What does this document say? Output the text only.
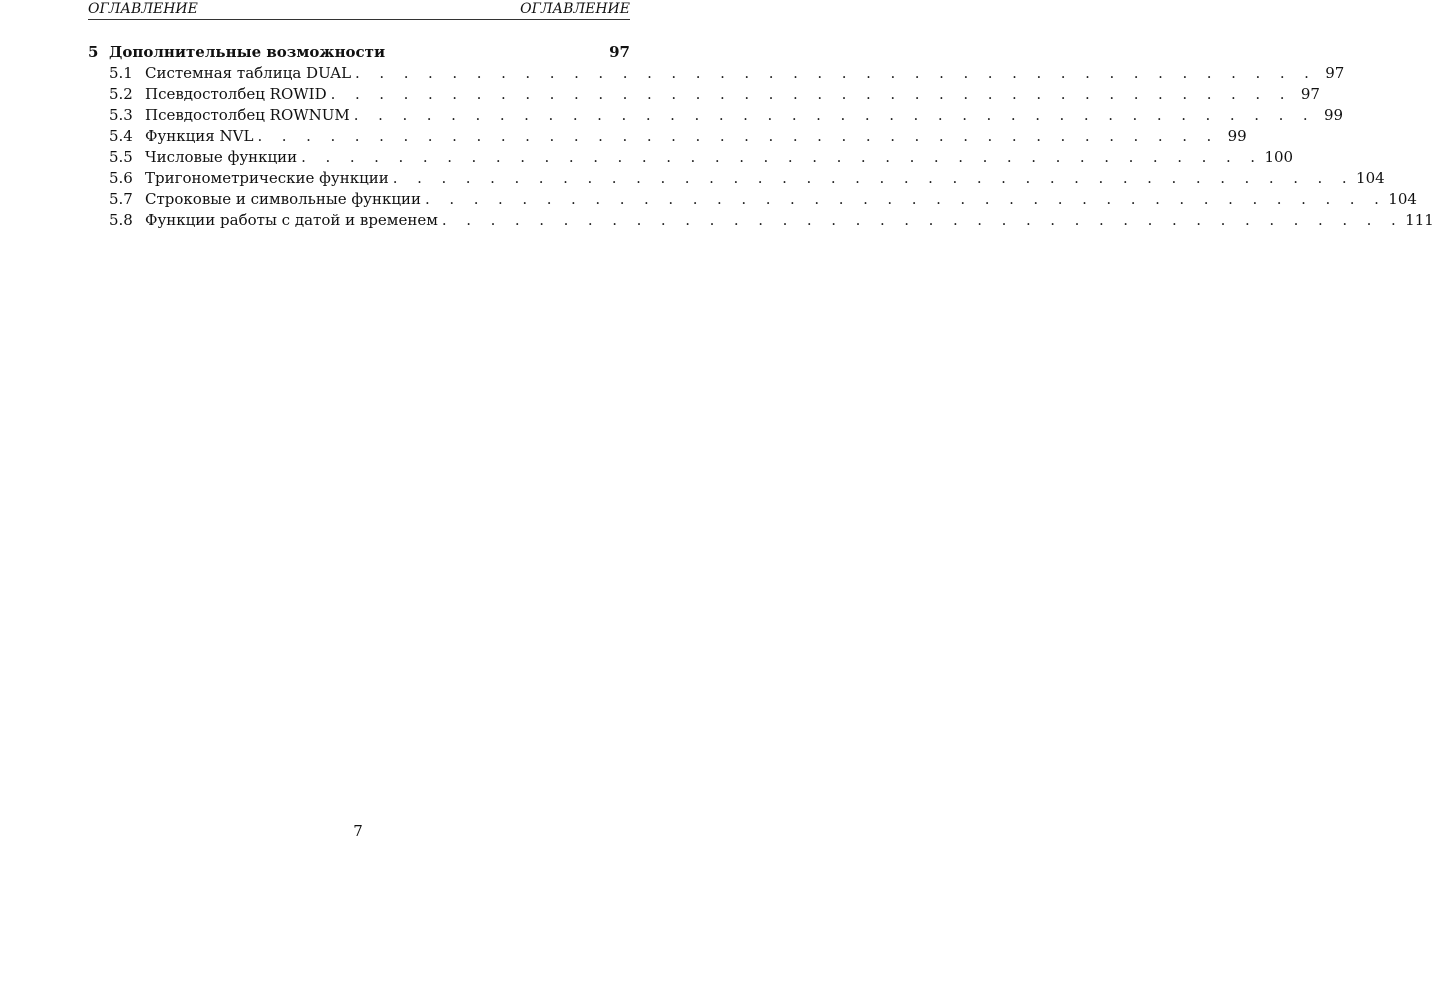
ОГЛАВЛЕНИЕ	ОГЛАВЛЕНИЕ
5 Дополнительные возможности	97
5.1 Системная таблица DUAL . . . . . . . . . . . . . . . . . . . . . . . . . . . . . . . . . . . . . . . . 97
5.2 Псевдостолбец ROWID . . . . . . . . . . . . . . . . . . . . . . . . . . . . . . . . . . . . . . . . 97
5.3 Псевдостолбец ROWNUM . . . . . . . . . . . . . . . . . . . . . . . . . . . . . . . . . . . . . . . . 99
5.4 Функция NVL . . . . . . . . . . . . . . . . . . . . . . . . . . . . . . . . . . . . . . . . 99
5.5 Числовые функции . . . . . . . . . . . . . . . . . . . . . . . . . . . . . . . . . . . . . . . . 100
5.6 Тригонометрические функции . . . . . . . . . . . . . . . . . . . . . . . . . . . . . . . . . . . . . . . . 104
5.7 Строковые и символьные функции . . . . . . . . . . . . . . . . . . . . . . . . . . . . . . . . . . . . . . . . 104
5.8 Функции работы с датой и временем . . . . . . . . . . . . . . . . . . . . . . . . . . . . . . . . . . . . . . . . 111
7
